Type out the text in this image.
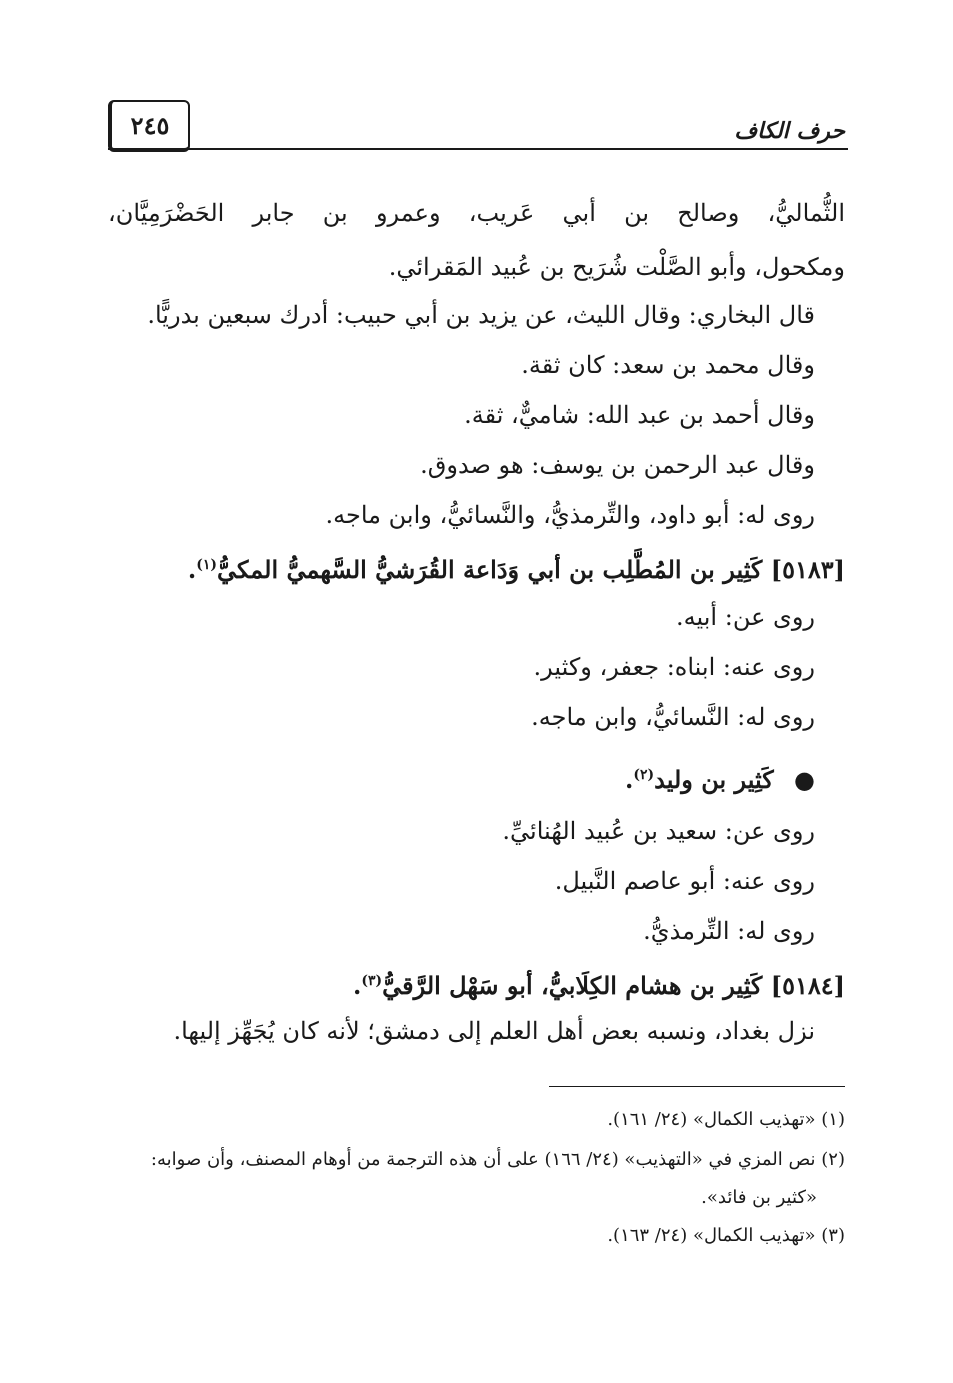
حرف الكاف
٢٤٥
الثُّماليُّ، وصالح بن أبي عَريب، وعمرو بن جابر الحَضْرَمِيَّان،
ومكحول، وأبو الصَّلْت شُرَيح بن عُبيد المَقرائي.
قال البخاري: وقال الليث، عن يزيد بن أبي حبيب: أدرك سبعين بدريًّا.
وقال محمد بن سعد: كان ثقة.
وقال أحمد بن عبد الله: شاميٌّ، ثقة.
وقال عبد الرحمن بن يوسف: هو صدوق.
روى له: أبو داود، والتِّرمذيُّ، والنَّسائيُّ، وابن ماجه.
[٥١٨٣] كَثِير بن المُطَّلِب بن أبي وَدَاعة القُرَشيُّ السَّهميُّ المكيُّ$^{(١)}$.
روى عن: أبيه.
روى عنه: ابناه: جعفر، وكثير.
روى له: النَّسائيُّ، وابن ماجه.
● كَثِير بن وليد$^{(٢)}$.
روى عن: سعيد بن عُبيد الهُنائيِّ.
روى عنه: أبو عاصم النَّبيل.
روى له: التِّرمذيُّ.
[٥١٨٤] كَثِير بن هشام الكِلَابيُّ، أبو سَهْل الرَّقيُّ$^{(٣)}$.
نزل بغداد، ونسبه بعض أهل العلم إلى دمشق؛ لأنه كان يُجَهِّز إليها.
(١) «تهذيب الكمال» (٢٤/ ١٦١).
(٢) نص المزي في «التهذيب» (٢٤/ ١٦٦) على أن هذه الترجمة من أوهام المصنف، وأن صوابه:
«كثير بن فائد».
(٣) «تهذيب الكمال» (٢٤/ ١٦٣).
